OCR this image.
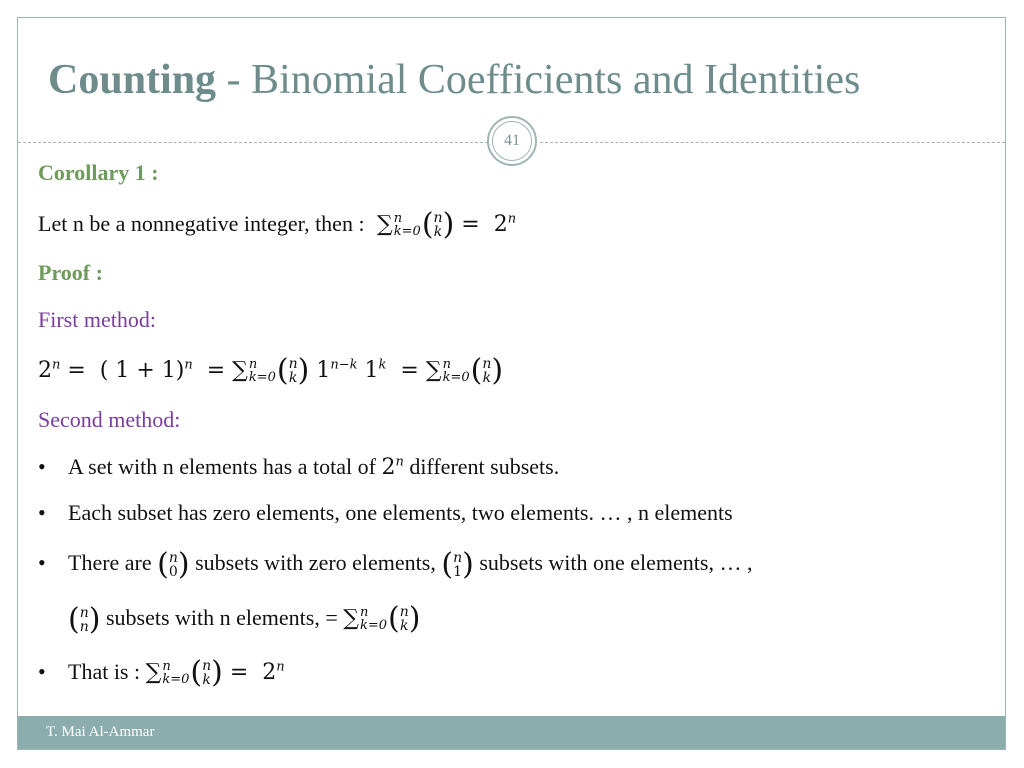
Counting - Binomial Coefficients and Identities
41
Corollary 1 :
Let n be a nonnegative integer, then :  ∑ n
k=0 ( n
k ) =  2$^n$
Proof :
First method:
$2^n$ =  ( 1 + 1)$^n$  = ∑ n
k=0 ( n
k ) $1^{n-k}$ 1$^k$  = ∑ n
k=0 ( n
k )
Second method:
• A set with n elements has a total of 2$^n$ different subsets.
• Each subset has zero elements, one elements, two elements. … , n elements
• There are ( n
0 ) subsets with zero elements, ( n
1 ) subsets with one elements, … ,
( n
n ) subsets with n elements, = ∑ n
k=0 ( n
k )
• That is : ∑ n
k=0 ( n
k ) =  2$^n$
T. Mai Al-Ammar
